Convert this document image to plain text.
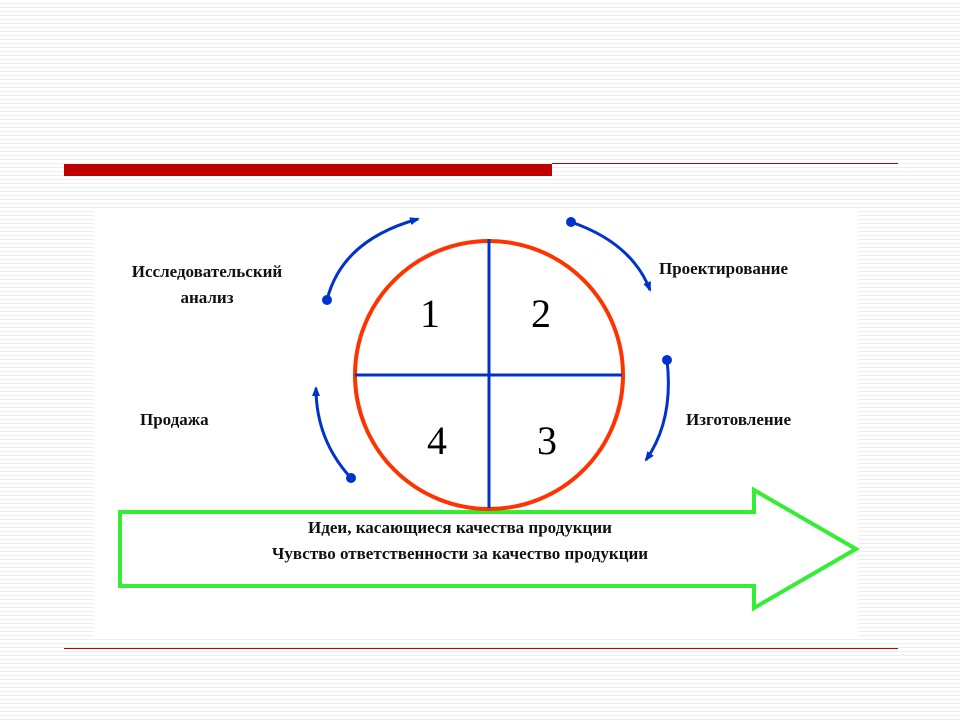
1 2
3
4
Исследовательский анализ
Проектирование
Изготовление
Продажа
Идеи, касающиеся качества продукции
Чувство ответственности за качество продукции
